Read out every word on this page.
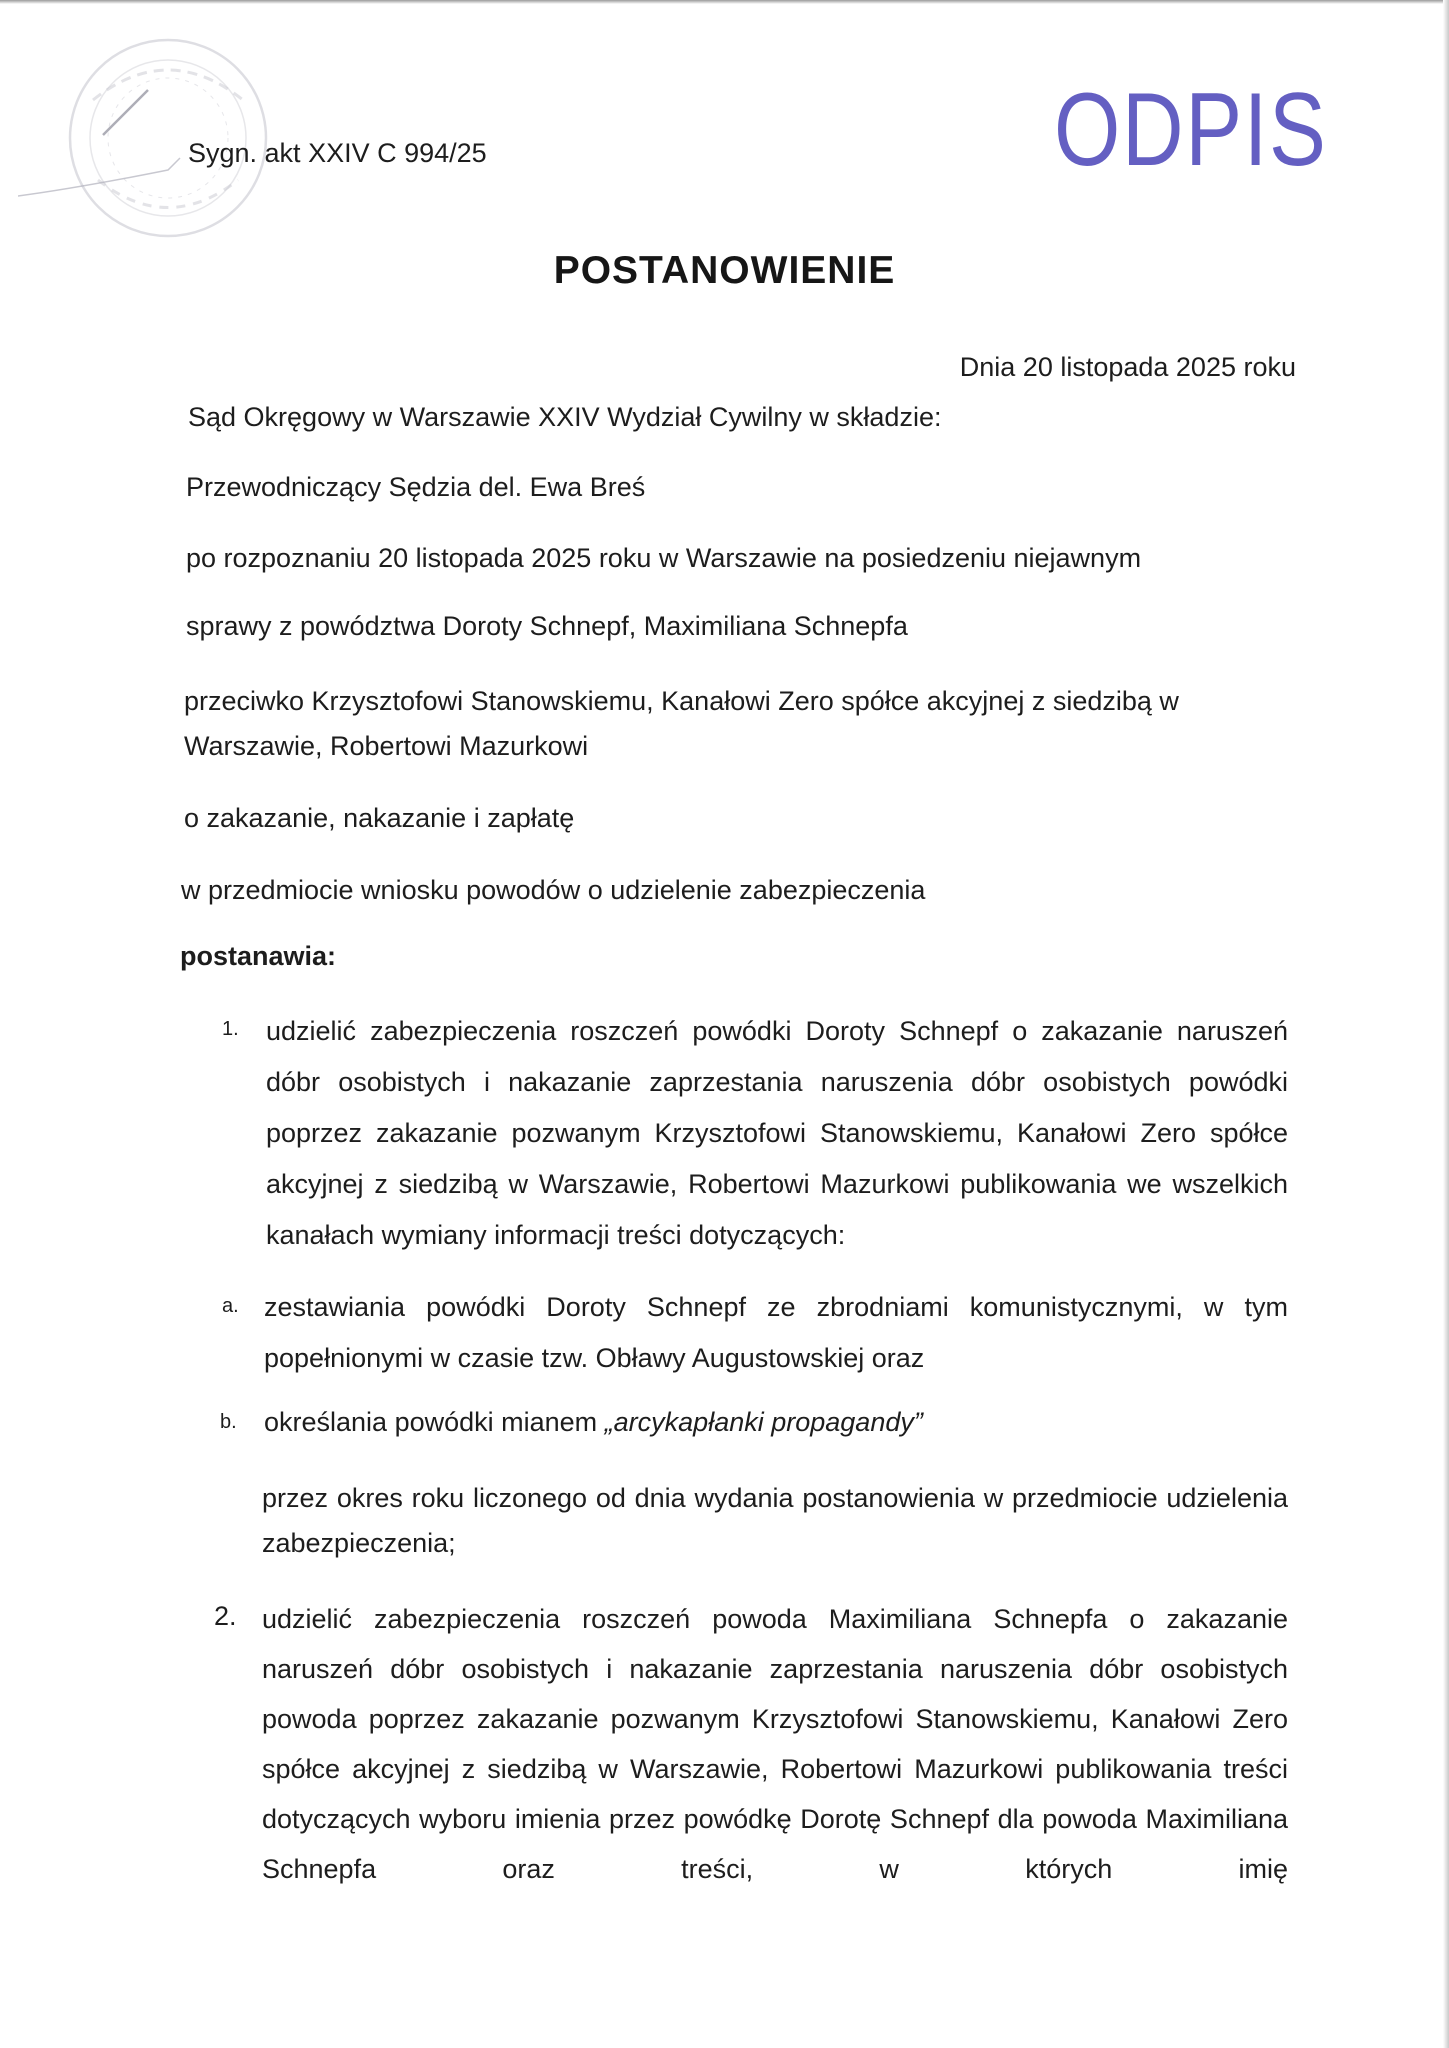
Sygn. akt XXIV C 994/25	ODPIS
POSTANOWIENIE
Dnia 20 listopada 2025 roku
Sąd Okręgowy w Warszawie XXIV Wydział Cywilny w składzie:
Przewodniczący Sędzia del. Ewa Breś
po rozpoznaniu 20 listopada 2025 roku w Warszawie na posiedzeniu niejawnym
sprawy z powództwa Doroty Schnepf, Maximiliana Schnepfa
przeciwko Krzysztofowi Stanowskiemu, Kanałowi Zero spółce akcyjnej z siedzibą w
Warszawie, Robertowi Mazurkowi
o zakazanie, nakazanie i zapłatę
w przedmiocie wniosku powodów o udzielenie zabezpieczenia
postanawia:
1. udzielić zabezpieczenia roszczeń powódki Doroty Schnepf o zakazanie naruszeń dóbr osobistych i nakazanie zaprzestania naruszenia dóbr osobistych powódki poprzez zakazanie pozwanym Krzysztofowi Stanowskiemu, Kanałowi Zero spółce akcyjnej z siedzibą w Warszawie, Robertowi Mazurkowi publikowania we wszelkich kanałach wymiany informacji treści dotyczących:
a. zestawiania powódki Doroty Schnepf ze zbrodniami komunistycznymi, w tym popełnionymi w czasie tzw. Obławy Augustowskiej oraz
b. określania powódki mianem „arcykapłanki propagandy”
przez okres roku liczonego od dnia wydania postanowienia w przedmiocie udzielenia zabezpieczenia;
2. udzielić zabezpieczenia roszczeń powoda Maximiliana Schnepfa o zakazanie naruszeń dóbr osobistych i nakazanie zaprzestania naruszenia dóbr osobistych powoda poprzez zakazanie pozwanym Krzysztofowi Stanowskiemu, Kanałowi Zero spółce akcyjnej z siedzibą w Warszawie, Robertowi Mazurkowi publikowania treści dotyczących wyboru imienia przez powódkę Dorotę Schnepf dla powoda Maximiliana Schnepfa oraz treści, w których imię
